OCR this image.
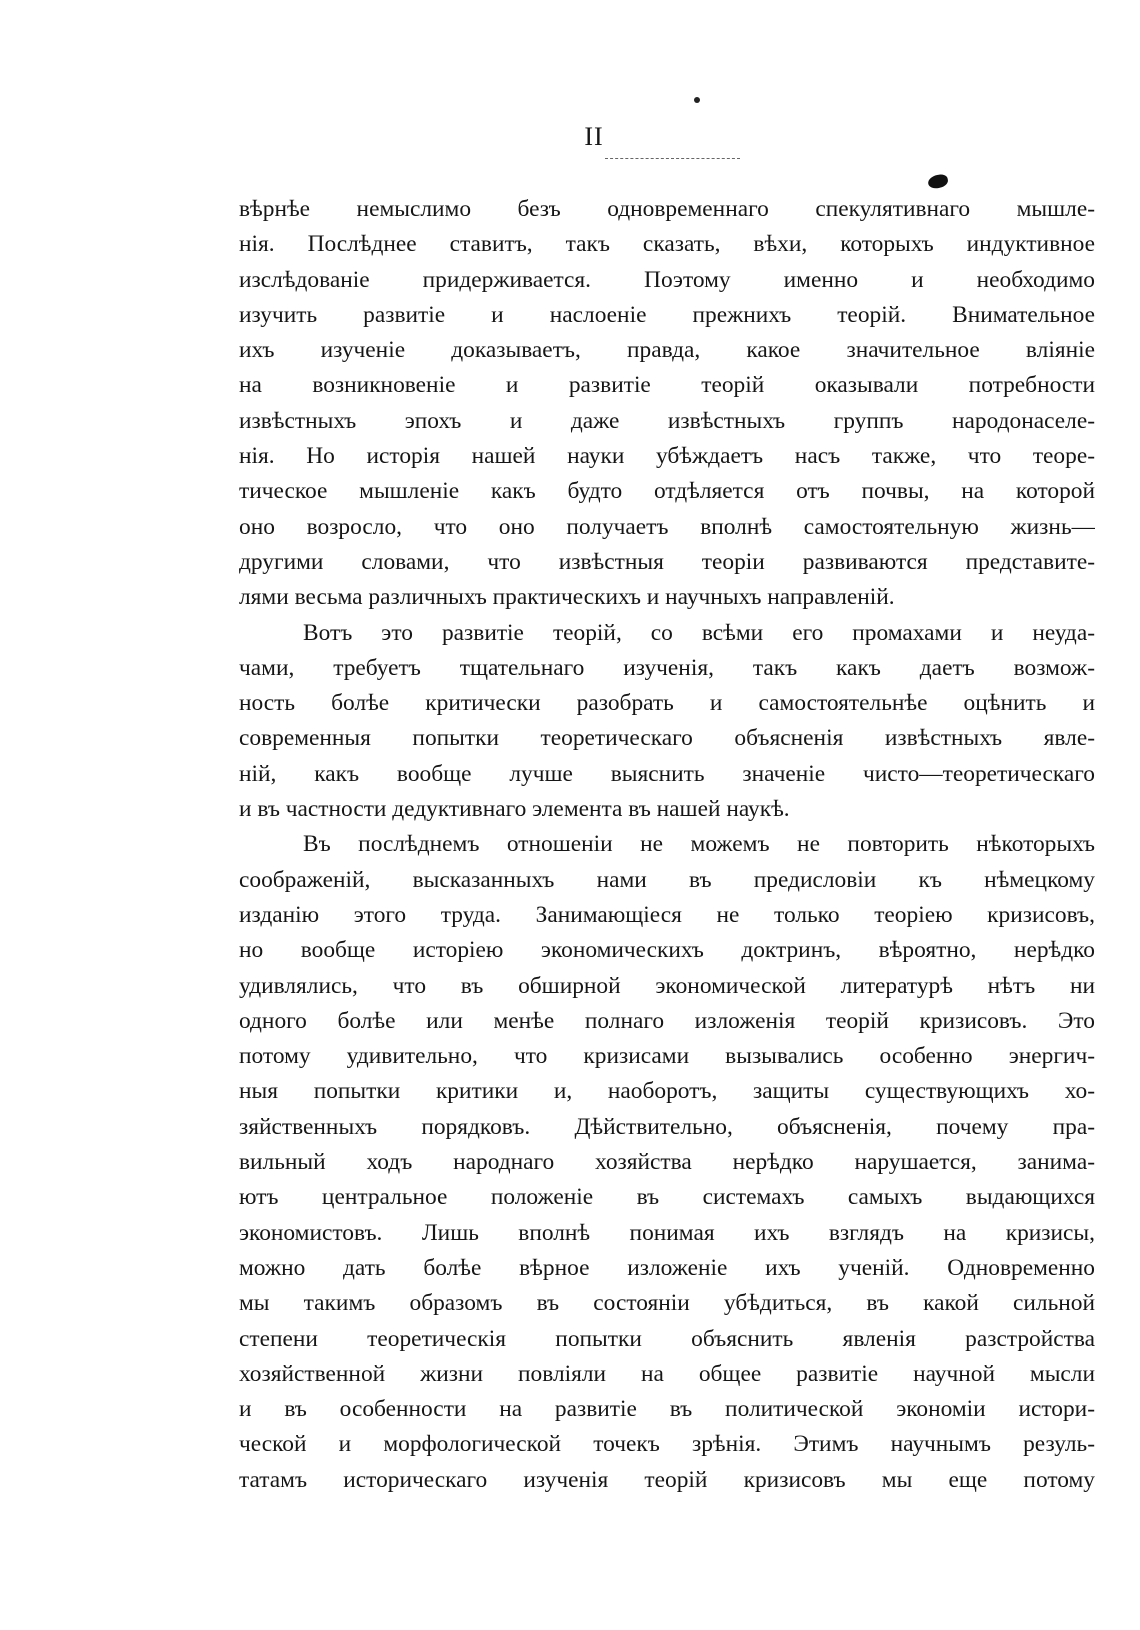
II
вѣрнѣе немыслимо безъ одновременнаго спекулятивнаго мышле-
нія. Послѣднее ставитъ, такъ сказать, вѣхи, которыхъ индуктивное
изслѣдованіе придерживается. Поэтому именно и необходимо
изучить развитіе и наслоеніе прежнихъ теорій. Внимательное
ихъ изученіе доказываетъ, правда, какое значительное вліяніе
на возникновеніе и развитіе теорій оказывали потребности
извѣстныхъ эпохъ и даже извѣстныхъ группъ народонаселе-
нія. Но исторія нашей науки убѣждаетъ насъ также, что теоре-
тическое мышленіе какъ будто отдѣляется отъ почвы, на которой
оно возросло, что оно получаетъ вполнѣ самостоятельную жизнь—
другими словами, что извѣстныя теоріи развиваются представите-
лями весьма различныхъ практическихъ и научныхъ направленій.
Вотъ это развитіе теорій, со всѣми его промахами и неуда-
чами, требуетъ тщательнаго изученія, такъ какъ даетъ возмож-
ность болѣе критически разобрать и самостоятельнѣе оцѣнить и
современныя попытки теоретическаго объясненія извѣстныхъ явле-
ній, какъ вообще лучше выяснить значеніе чисто—теоретическаго
и въ частности дедуктивнаго элемента въ нашей наукѣ.
Въ послѣднемъ отношеніи не можемъ не повторить нѣкоторыхъ
соображеній, высказанныхъ нами въ предисловіи къ нѣмецкому
изданію этого труда. Занимающіеся не только теоріею кризисовъ,
но вообще исторіею экономическихъ доктринъ, вѣроятно, нерѣдко
удивлялись, что въ обширной экономической литературѣ нѣтъ ни
одного болѣе или менѣе полнаго изложенія теорій кризисовъ. Это
потому удивительно, что кризисами вызывались особенно энергич-
ныя попытки критики и, наоборотъ, защиты существующихъ хо-
зяйственныхъ порядковъ. Дѣйствительно, объясненія, почему пра-
вильный ходъ народнаго хозяйства нерѣдко нарушается, занима-
ютъ центральное положеніе въ системахъ самыхъ выдающихся
экономистовъ. Лишь вполнѣ понимая ихъ взглядъ на кризисы,
можно дать болѣе вѣрное изложеніе ихъ ученій. Одновременно
мы такимъ образомъ въ состояніи убѣдиться, въ какой сильной
степени теоретическія попытки объяснить явленія разстройства
хозяйственной жизни повліяли на общее развитіе научной мысли
и въ особенности на развитіе въ политической экономіи истори-
ческой и морфологической точекъ зрѣнія. Этимъ научнымъ резуль-
татамъ историческаго изученія теорій кризисовъ мы еще потому
